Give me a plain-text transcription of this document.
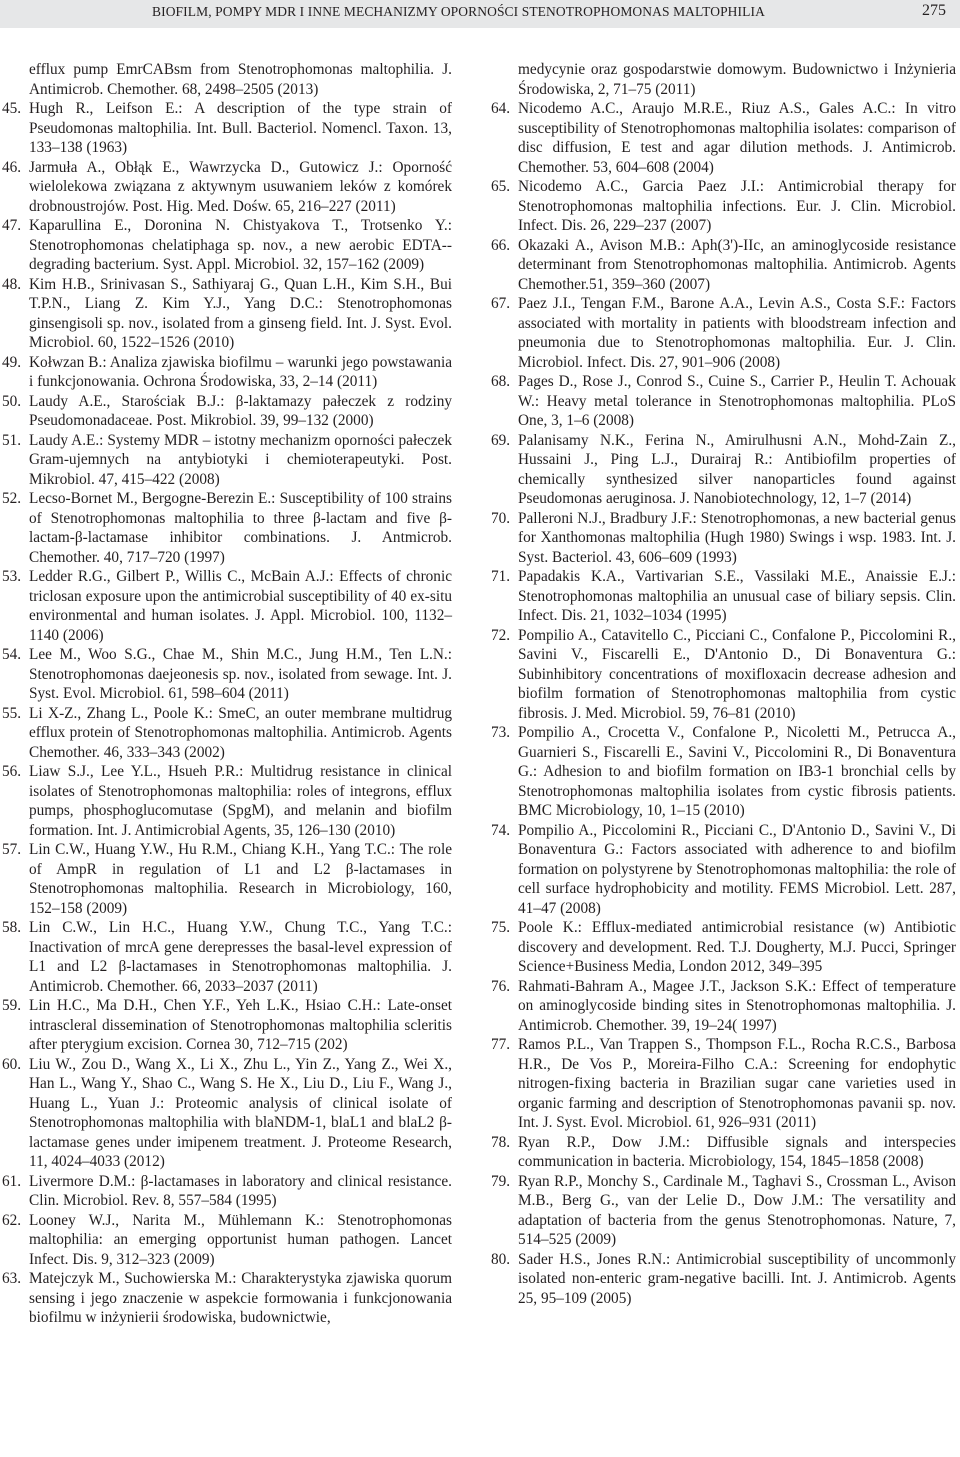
BIOFILM, POMPY MDR I INNE MECHANIZMY OPORNOŚCI STENOTROPHOMONAS MALTOPHILIA	275

efflux pump EmrCABsm from Stenotrophomonas maltophilia. J. Antimicrob. Chemother. 68, 2498–2505 (2013)

45. Hugh R., Leifson E.: A description of the type strain of Pseudomonas maltophilia. Int. Bull. Bacteriol. Nomencl. Taxon. 13, 133–138 (1963)

46. Jarmuła A., Obłąk E., Wawrzycka D., Gutowicz J.: Oporność wielolekowa związana z aktywnym usuwaniem leków z komórek drobnoustrojów. Post. Hig. Med. Dośw. 65, 216–227 (2011)

47. Kaparullina E., Doronina N. Chistyakova T., Trotsenko Y.: Stenotrophomonas chelatiphaga sp. nov., a new aerobic EDTA--degrading bacterium. Syst. Appl. Microbiol. 32, 157–162 (2009)

48. Kim H.B., Srinivasan S., Sathiyaraj G., Quan L.H., Kim S.H., Bui T.P.N., Liang Z. Kim Y.J., Yang D.C.: Stenotrophomonas ginsengisoli sp. nov., isolated from a ginseng field. Int. J. Syst. Evol. Microbiol. 60, 1522–1526 (2010)

49. Kołwzan B.: Analiza zjawiska biofilmu – warunki jego powstawania i funkcjonowania. Ochrona Środowiska, 33, 2–14 (2011)

50. Laudy A.E., Starościak B.J.: β-laktamazy pałeczek z rodziny Pseudomonadaceae. Post. Mikrobiol. 39, 99–132 (2000)

51. Laudy A.E.: Systemy MDR – istotny mechanizm oporności pałeczek Gram-ujemnych na antybiotyki i chemioterapeutyki. Post. Mikrobiol. 47, 415–422 (2008)

52. Lecso-Bornet M., Bergogne-Berezin E.: Susceptibility of 100 strains of Stenotrophomonas maltophilia to three β-lactam and five β-lactam-β-lactamase inhibitor combinations. J. Antmicrob. Chemother. 40, 717–720 (1997)

53. Ledder R.G., Gilbert P., Willis C., McBain A.J.: Effects of chronic triclosan exposure upon the antimicrobial susceptibility of 40 ex-situ environmental and human isolates. J. Appl. Microbiol. 100, 1132–1140 (2006)

54. Lee M., Woo S.G., Chae M., Shin M.C., Jung H.M., Ten L.N.: Stenotrophomonas daejeonesis sp. nov., isolated from sewage. Int. J. Syst. Evol. Microbiol. 61, 598–604 (2011)

55. Li X-Z., Zhang L., Poole K.: SmeC, an outer membrane multidrug efflux protein of Stenotrophomonas maltophilia. Antimicrob. Agents Chemother. 46, 333–343 (2002)

56. Liaw S.J., Lee Y.L., Hsueh P.R.: Multidrug resistance in clinical isolates of Stenotrophomonas maltophilia: roles of integrons, efflux pumps, phosphoglucomutase (SpgM), and melanin and biofilm formation. Int. J. Antimicrobial Agents, 35, 126–130 (2010)

57. Lin C.W., Huang Y.W., Hu R.M., Chiang K.H., Yang T.C.: The role of AmpR in regulation of L1 and L2 β-lactamases in Stenotrophomonas maltophilia. Research in Microbiology, 160, 152–158 (2009)

58. Lin C.W., Lin H.C., Huang Y.W., Chung T.C., Yang T.C.: Inactivation of mrcA gene derepresses the basal-level expression of L1 and L2 β-lactamases in Stenotrophomonas maltophilia. J. Antimicrob. Chemother. 66, 2033–2037 (2011)

59. Lin H.C., Ma D.H., Chen Y.F., Yeh L.K., Hsiao C.H.: Late-onset intrascleral dissemination of Stenotrophomonas maltophilia scleritis after pterygium excision. Cornea 30, 712–715 (202)

60. Liu W., Zou D., Wang X., Li X., Zhu L., Yin Z., Yang Z., Wei X., Han L., Wang Y., Shao C., Wang S. He X., Liu D., Liu F., Wang J., Huang L., Yuan J.: Proteomic analysis of clinical isolate of Stenotrophomonas maltophilia with blaNDM-1, blaL1 and blaL2 β-lactamase genes under imipenem treatment. J. Proteome Research, 11, 4024–4033 (2012)

61. Livermore D.M.: β-lactamases in laboratory and clinical resistance. Clin. Microbiol. Rev. 8, 557–584 (1995)

62. Looney W.J., Narita M., Mühlemann K.: Stenotrophomonas maltophilia: an emerging opportunist human pathogen. Lancet Infect. Dis. 9, 312–323 (2009)

63. Matejczyk M., Suchowierska M.: Charakterystyka zjawiska quorum sensing i jego znaczenie w aspekcie formowania i funkcjonowania biofilmu w inżynierii środowiska, budownictwie,

medycynie oraz gospodarstwie domowym. Budownictwo i Inżynieria Środowiska, 2, 71–75 (2011)

64. Nicodemo A.C., Araujo M.R.E., Riuz A.S., Gales A.C.: In vitro susceptibility of Stenotrophomonas maltophilia isolates: comparison of disc diffusion, E test and agar dilution methods. J. Antimicrob. Chemother. 53, 604–608 (2004)

65. Nicodemo A.C., Garcia Paez J.I.: Antimicrobial therapy for Stenotrophomonas maltophilia infections. Eur. J. Clin. Microbiol. Infect. Dis. 26, 229–237 (2007)

66. Okazaki A., Avison M.B.: Aph(3')-IIc, an aminoglycoside resistance determinant from Stenotrophomonas maltophilia. Antimicrob. Agents Chemother.51, 359–360 (2007)

67. Paez J.I., Tengan F.M., Barone A.A., Levin A.S., Costa S.F.: Factors associated with mortality in patients with bloodstream infection and pneumonia due to Stenotrophomonas maltophilia. Eur. J. Clin. Microbiol. Infect. Dis. 27, 901–906 (2008)

68. Pages D., Rose J., Conrod S., Cuine S., Carrier P., Heulin T. Achouak W.: Heavy metal tolerance in Stenotrophomonas maltophilia. PLoS One, 3, 1–6 (2008)

69. Palanisamy N.K., Ferina N., Amirulhusni A.N., Mohd-Zain Z., Hussaini J., Ping L.J., Durairaj R.: Antibiofilm properties of chemically synthesized silver nanoparticles found against Pseudomonas aeruginosa. J. Nanobiotechnology, 12, 1–7 (2014)

70. Palleroni N.J., Bradbury J.F.: Stenotrophomonas, a new bacterial genus for Xanthomonas maltophilia (Hugh 1980) Swings i wsp. 1983. Int. J. Syst. Bacteriol. 43, 606–609 (1993)

71. Papadakis K.A., Vartivarian S.E., Vassilaki M.E., Anaissie E.J.: Stenotrophomonas maltophilia an unusual case of biliary sepsis. Clin. Infect. Dis. 21, 1032–1034 (1995)

72. Pompilio A., Catavitello C., Picciani C., Confalone P., Piccolomini R., Savini V., Fiscarelli E., D'Antonio D., Di Bonaventura G.: Subinhibitory concentrations of moxifloxacin decrease adhesion and biofilm formation of Stenotrophomonas maltophilia from cystic fibrosis. J. Med. Microbiol. 59, 76–81 (2010)

73. Pompilio A., Crocetta V., Confalone P., Nicoletti M., Petrucca A., Guarnieri S., Fiscarelli E., Savini V., Piccolomini R., Di Bonaventura G.: Adhesion to and biofilm formation on IB3-1 bronchial cells by Stenotrophomonas maltophilia isolates from cystic fibrosis patients. BMC Microbiology, 10, 1–15 (2010)

74. Pompilio A., Piccolomini R., Picciani C., D'Antonio D., Savini V., Di Bonaventura G.: Factors associated with adherence to and biofilm formation on polystyrene by Stenotrophomonas maltophilia: the role of cell surface hydrophobicity and motility. FEMS Microbiol. Lett. 287, 41–47 (2008)

75. Poole K.: Efflux-mediated antimicrobial resistance (w) Antibiotic discovery and development. Red. T.J. Dougherty, M.J. Pucci, Springer Science+Business Media, London 2012, 349–395

76. Rahmati-Bahram A., Magee J.T., Jackson S.K.: Effect of temperature on aminoglycoside binding sites in Stenotrophomonas maltophilia. J. Antimicrob. Chemother. 39, 19–24( 1997)

77. Ramos P.L., Van Trappen S., Thompson F.L., Rocha R.C.S., Barbosa H.R., De Vos P., Moreira-Filho C.A.: Screening for endophytic nitrogen-fixing bacteria in Brazilian sugar cane varieties used in organic farming and description of Stenotrophomonas pavanii sp. nov. Int. J. Syst. Evol. Microbiol. 61, 926–931 (2011)

78. Ryan R.P., Dow J.M.: Diffusible signals and interspecies communication in bacteria. Microbiology, 154, 1845–1858 (2008)

79. Ryan R.P., Monchy S., Cardinale M., Taghavi S., Crossman L., Avison M.B., Berg G., van der Lelie D., Dow J.M.: The versatility and adaptation of bacteria from the genus Stenotrophomonas. Nature, 7, 514–525 (2009)

80. Sader H.S., Jones R.N.: Antimicrobial susceptibility of uncommonly isolated non-enteric gram-negative bacilli. Int. J. Antimicrob. Agents 25, 95–109 (2005)
